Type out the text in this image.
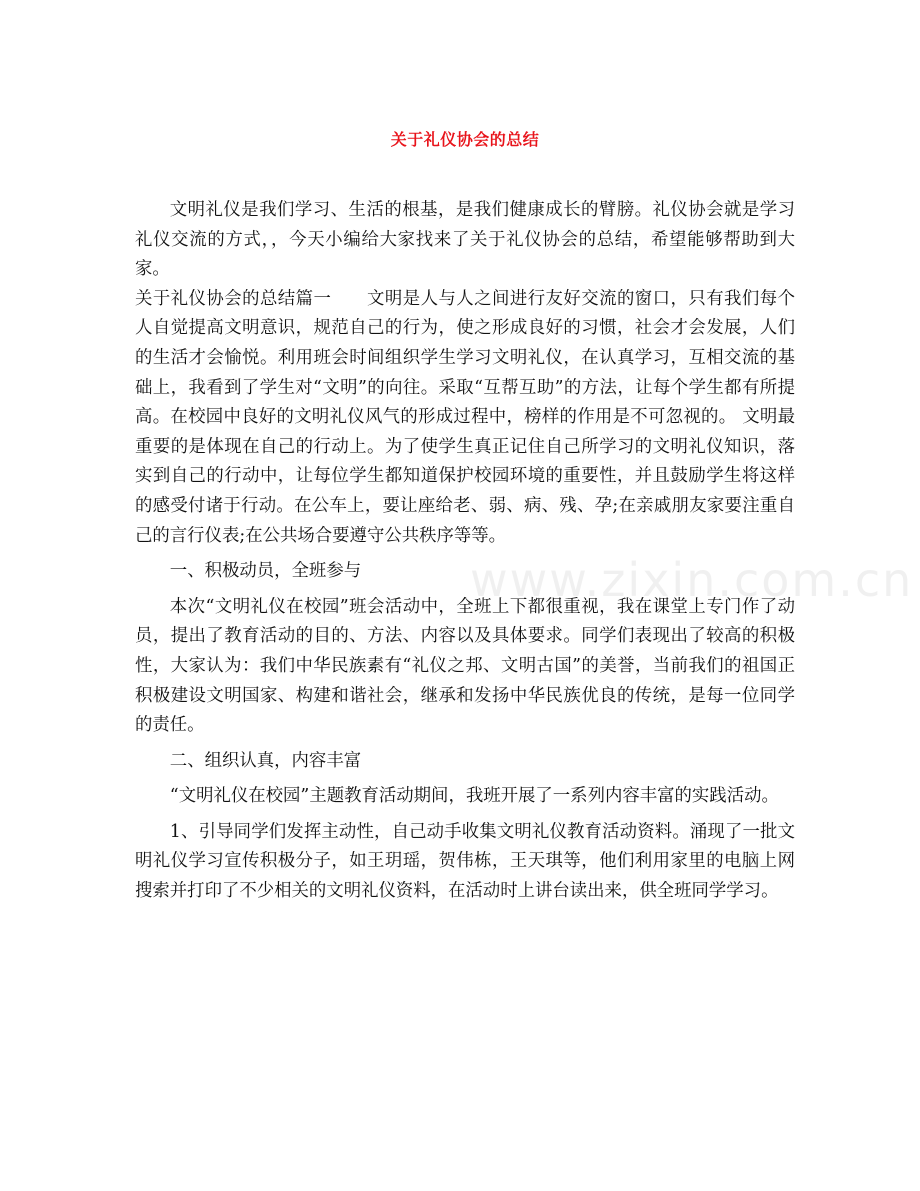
关于礼仪协会的总结

文明礼仪是我们学习、生活的根基，是我们健康成长的臂膀。礼仪协会就是学习礼仪交流的方式，，今天小编给大家找来了关于礼仪协会的总结，希望能够帮助到大家。

关于礼仪协会的总结篇一　　文明是人与人之间进行友好交流的窗口，只有我们每个人自觉提高文明意识，规范自己的行为，使之形成良好的习惯，社会才会发展，人们的生活才会愉悦。利用班会时间组织学生学习文明礼仪，在认真学习，互相交流的基础上，我看到了学生对“文明”的向往。采取“互帮互助”的方法，让每个学生都有所提高。在校园中良好的文明礼仪风气的形成过程中，榜样的作用是不可忽视的。 文明最重要的是体现在自己的行动上。为了使学生真正记住自己所学习的文明礼仪知识，落实到自己的行动中，让每位学生都知道保护校园环境的重要性，并且鼓励学生将这样的感受付诸于行动。在公车上，要让座给老、弱、病、残、孕;在亲戚朋友家要注重自己的言行仪表;在公共场合要遵守公共秩序等等。

一、积极动员，全班参与

本次“文明礼仪在校园”班会活动中，全班上下都很重视，我在课堂上专门作了动员，提出了教育活动的目的、方法、内容以及具体要求。同学们表现出了较高的积极性，大家认为：我们中华民族素有“礼仪之邦、文明古国”的美誉，当前我们的祖国正积极建设文明国家、构建和谐社会，继承和发扬中华民族优良的传统，是每一位同学的责任。

二、组织认真，内容丰富

“文明礼仪在校园”主题教育活动期间，我班开展了一系列内容丰富的实践活动。

1、引导同学们发挥主动性，自己动手收集文明礼仪教育活动资料。涌现了一批文明礼仪学习宣传积极分子，如王玥瑶，贺伟栋，王天琪等，他们利用家里的电脑上网搜索并打印了不少相关的文明礼仪资料，在活动时上讲台读出来，供全班同学学习。

www.zixin.com.cn
